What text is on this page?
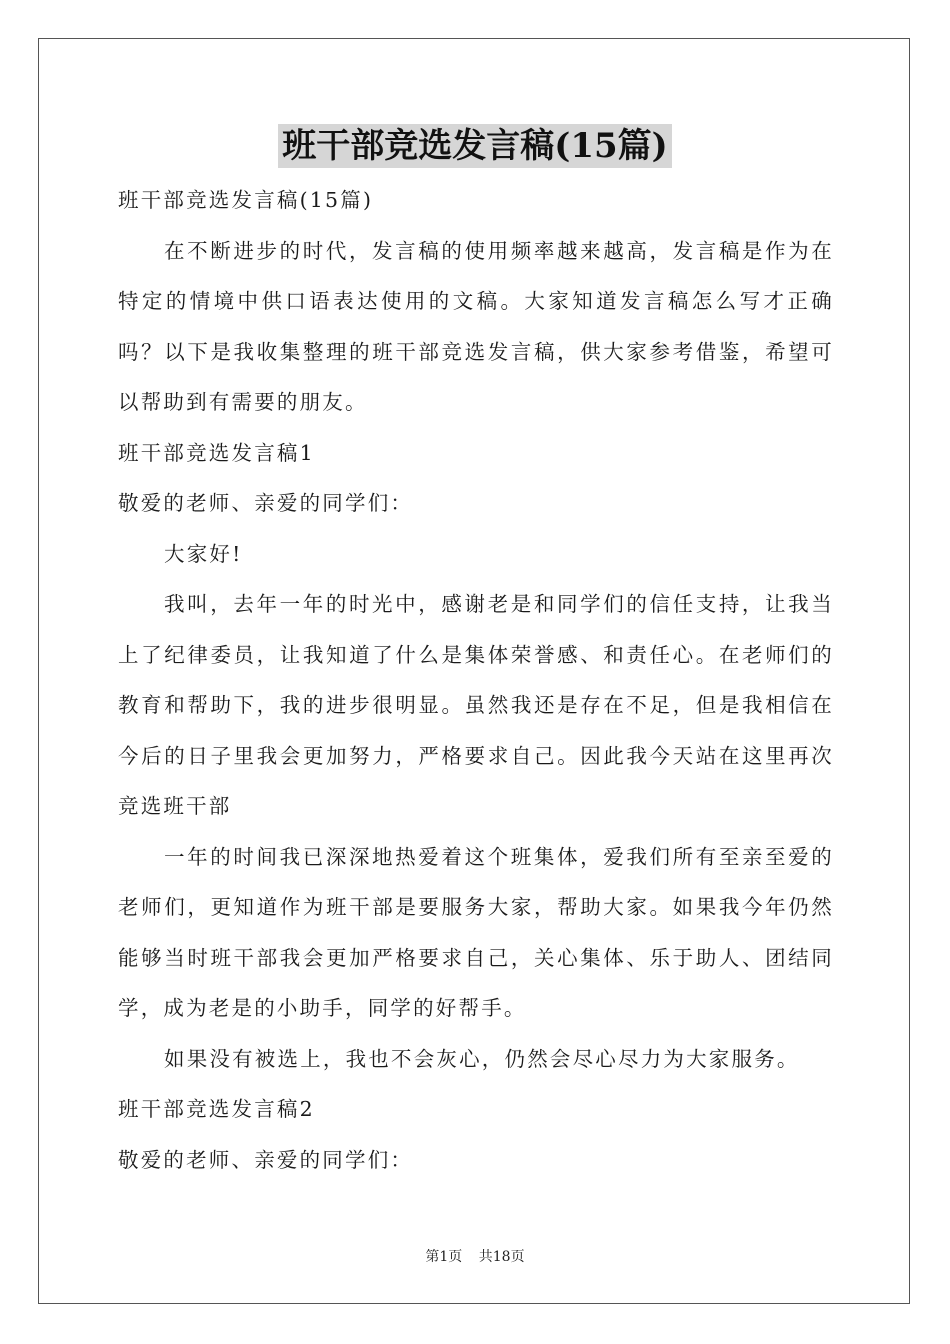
班干部竞选发言稿(15篇)

班干部竞选发言稿(15篇)

在不断进步的时代，发言稿的使用频率越来越高，发言稿是作为在特定的情境中供口语表达使用的文稿。大家知道发言稿怎么写才正确吗？以下是我收集整理的班干部竞选发言稿，供大家参考借鉴，希望可以帮助到有需要的朋友。

班干部竞选发言稿1

敬爱的老师、亲爱的同学们：

大家好!

我叫，去年一年的时光中，感谢老是和同学们的信任支持，让我当上了纪律委员，让我知道了什么是集体荣誉感、和责任心。在老师们的教育和帮助下，我的进步很明显。虽然我还是存在不足，但是我相信在今后的日子里我会更加努力，严格要求自己。因此我今天站在这里再次竞选班干部

一年的时间我已深深地热爱着这个班集体，爱我们所有至亲至爱的老师们，更知道作为班干部是要服务大家，帮助大家。如果我今年仍然能够当时班干部我会更加严格要求自己，关心集体、乐于助人、团结同学，成为老是的小助手，同学的好帮手。

如果没有被选上，我也不会灰心，仍然会尽心尽力为大家服务。

班干部竞选发言稿2

敬爱的老师、亲爱的同学们：

第1页 共18页
